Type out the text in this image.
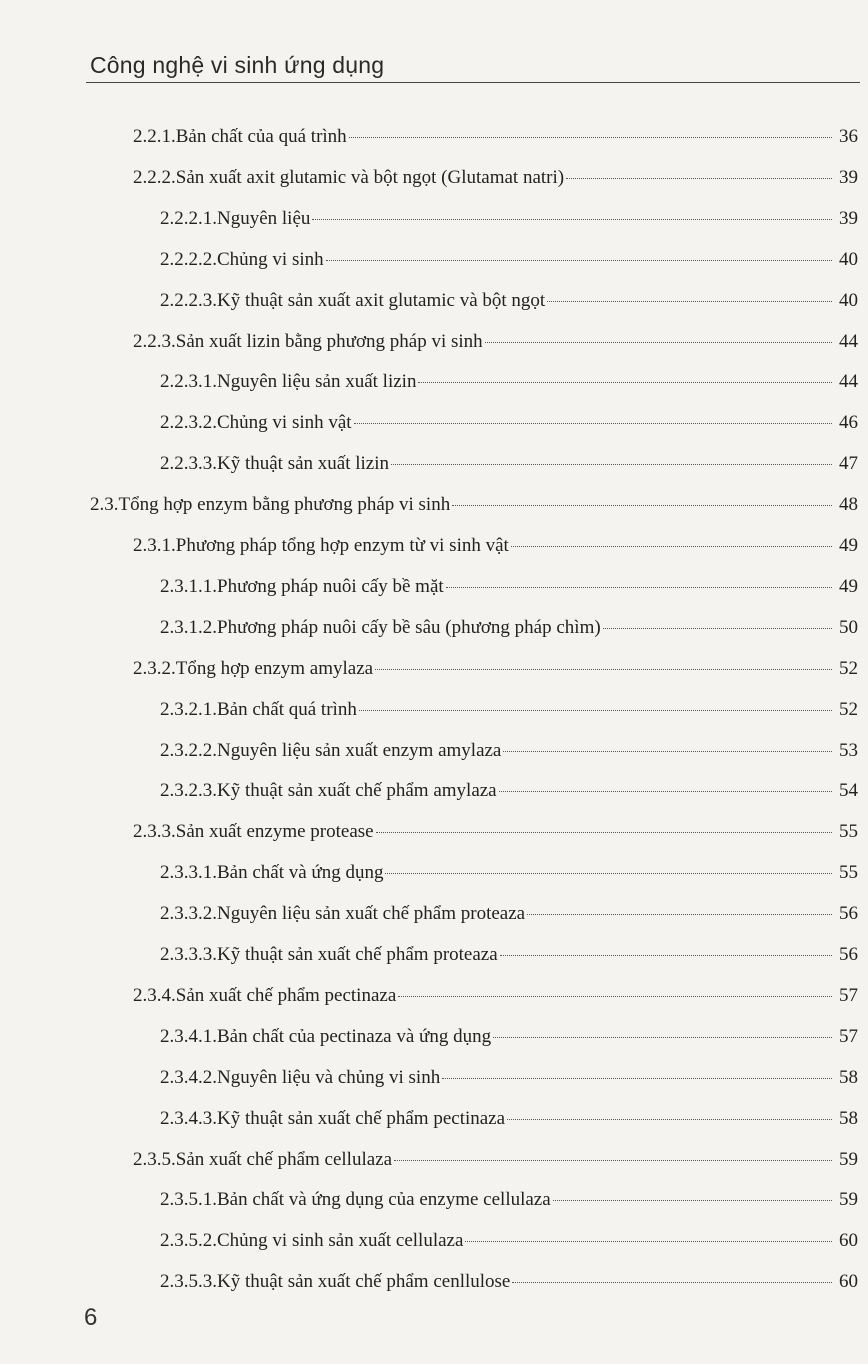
Công nghệ vi sinh ứng dụng
2.2.1. Bản chất của quá trình	36
2.2.2. Sản xuất axit glutamic và bột ngọt (Glutamat natri)	39
2.2.2.1. Nguyên liệu	39
2.2.2.2. Chủng vi sinh	40
2.2.2.3. Kỹ thuật sản xuất axit glutamic và bột ngọt	40
2.2.3. Sản xuất lizin bằng phương pháp vi sinh	44
2.2.3.1. Nguyên liệu sản xuất lizin	44
2.2.3.2. Chủng vi sinh vật	46
2.2.3.3. Kỹ thuật sản xuất lizin	47
2.3. Tổng hợp enzym bằng phương pháp vi sinh	48
2.3.1. Phương pháp tổng hợp enzym từ vi sinh vật	49
2.3.1.1. Phương pháp nuôi cấy bề mặt	49
2.3.1.2. Phương pháp nuôi cấy bề sâu (phương pháp chìm)	50
2.3.2. Tổng hợp enzym amylaza	52
2.3.2.1. Bản chất quá trình	52
2.3.2.2. Nguyên liệu sản xuất enzym amylaza	53
2.3.2.3. Kỹ thuật sản xuất chế phẩm amylaza	54
2.3.3. Sản xuất enzyme protease	55
2.3.3.1. Bản chất và ứng dụng	55
2.3.3.2. Nguyên liệu sản xuất chế phẩm proteaza	56
2.3.3.3. Kỹ thuật sản xuất chế phẩm proteaza	56
2.3.4. Sản xuất chế phẩm pectinaza	57
2.3.4.1. Bản chất của pectinaza và ứng dụng	57
2.3.4.2. Nguyên liệu và chủng vi sinh	58
2.3.4.3. Kỹ thuật sản xuất chế phẩm pectinaza	58
2.3.5. Sản xuất chế phẩm cellulaza	59
2.3.5.1. Bản chất và ứng dụng của enzyme cellulaza	59
2.3.5.2. Chủng vi sinh sản xuất cellulaza	60
2.3.5.3. Kỹ thuật sản xuất chế phẩm cenllulose	60
6
